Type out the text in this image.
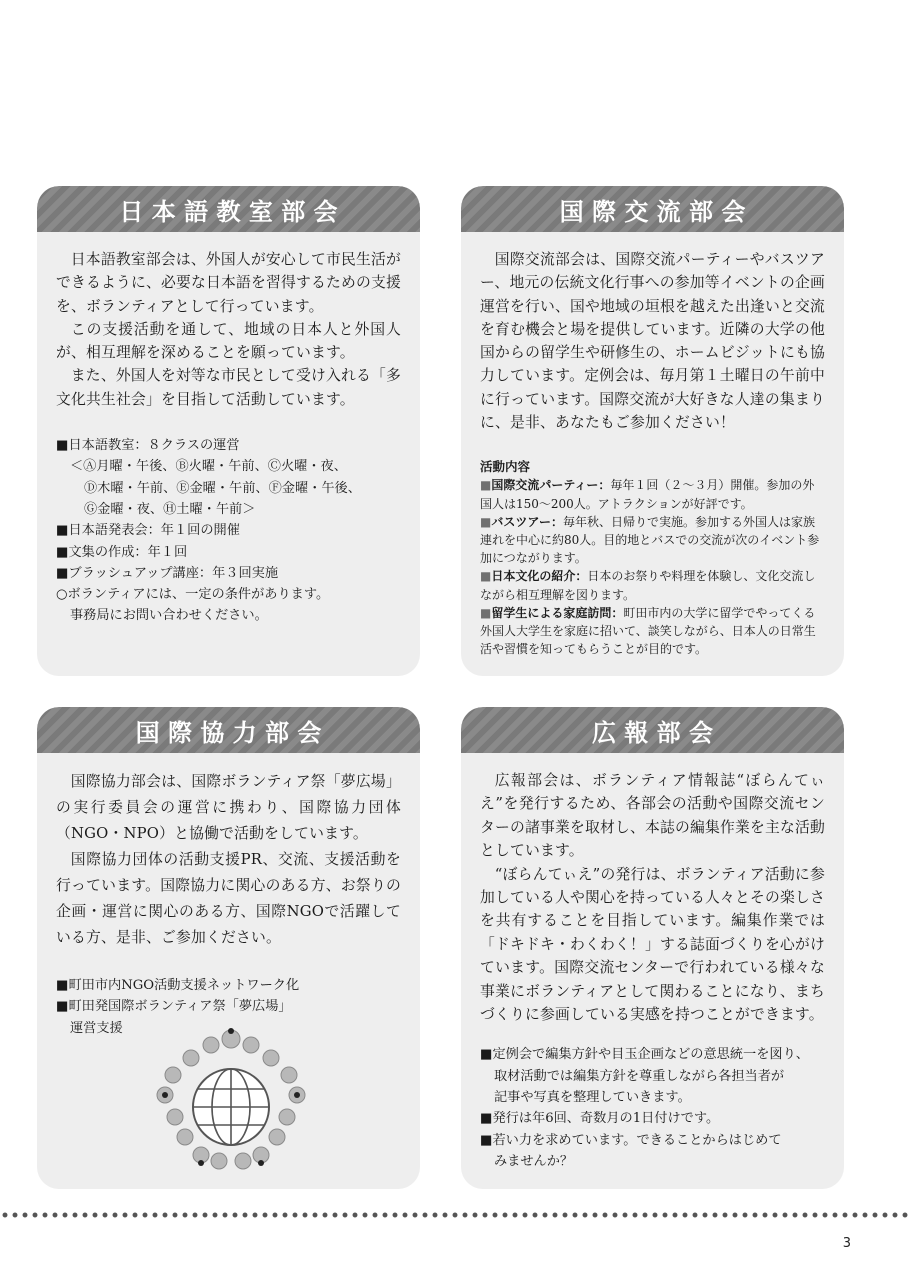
日 本 語 教 室 部 会

日本語教室部会は、外国人が安心して市民生活ができるように、必要な日本語を習得するための支援を、ボランティアとして行っています。

この支援活動を通して、地域の日本人と外国人が、相互理解を深めることを願っています。

また、外国人を対等な市民として受け入れる「多文化共生社会」を目指して活動しています。

■日本語教室：８クラスの運営
＜Ⓐ月曜・午後、Ⓑ火曜・午前、Ⓒ火曜・夜、
Ⓓ木曜・午前、Ⓔ金曜・午前、Ⓕ金曜・午後、
Ⓖ金曜・夜、Ⓗ土曜・午前＞
■日本語発表会：年１回の開催
■文集の作成：年１回
■ブラッシュアップ講座：年３回実施
○ボランティアには、一定の条件があります。
事務局にお問い合わせください。
国 際 交 流 部 会

国際交流部会は、国際交流パーティーやバスツアー、地元の伝統文化行事への参加等イベントの企画運営を行い、国や地域の垣根を越えた出逢いと交流を育む機会と場を提供しています。近隣の大学の他国からの留学生や研修生の、ホームビジットにも協力しています。定例会は、毎月第１土曜日の午前中に行っています。国際交流が大好きな人達の集まりに、是非、あなたもご参加ください！

活動内容

■国際交流パーティー：毎年１回（２～３月）開催。参加の外国人は150～200人。アトラクションが好評です。

■バスツアー：毎年秋、日帰りで実施。参加する外国人は家族連れを中心に約80人。目的地とバスでの交流が次のイベント参加につながります。

■日本文化の紹介：日本のお祭りや料理を体験し、文化交流しながら相互理解を図ります。

■留学生による家庭訪問：町田市内の大学に留学でやってくる外国人大学生を家庭に招いて、談笑しながら、日本人の日常生活や習慣を知ってもらうことが目的です。

国 際 協 力 部 会

国際協力部会は、国際ボランティア祭「夢広場」の実行委員会の運営に携わり、国際協力団体（NGO・NPO）と協働で活動をしています。

国際協力団体の活動支援PR、交流、支援活動を行っています。国際協力に関心のある方、お祭りの企画・運営に関心のある方、国際NGOで活躍している方、是非、ご参加ください。

■町田市内NGO活動支援ネットワーク化
■町田発国際ボランティア祭「夢広場」
運営支援
広 報 部 会

広報部会は、ボランティア情報誌“ぼらんてぃえ”を発行するため、各部会の活動や国際交流センターの諸事業を取材し、本誌の編集作業を主な活動としています。

“ぼらんてぃえ”の発行は、ボランティア活動に参加している人や関心を持っている人々とその楽しさを共有することを目指しています。編集作業では「ドキドキ・わくわく！」する誌面づくりを心がけています。国際交流センターで行われている様々な事業にボランティアとして関わることになり、まちづくりに参画している実感を持つことができます。

■定例会で編集方針や目玉企画などの意思統一を図り、
取材活動では編集方針を尊重しながら各担当者が
記事や写真を整理していきます。
■発行は年6回、奇数月の1日付けです。
■若い力を求めています。できることからはじめて
みませんか？
3
